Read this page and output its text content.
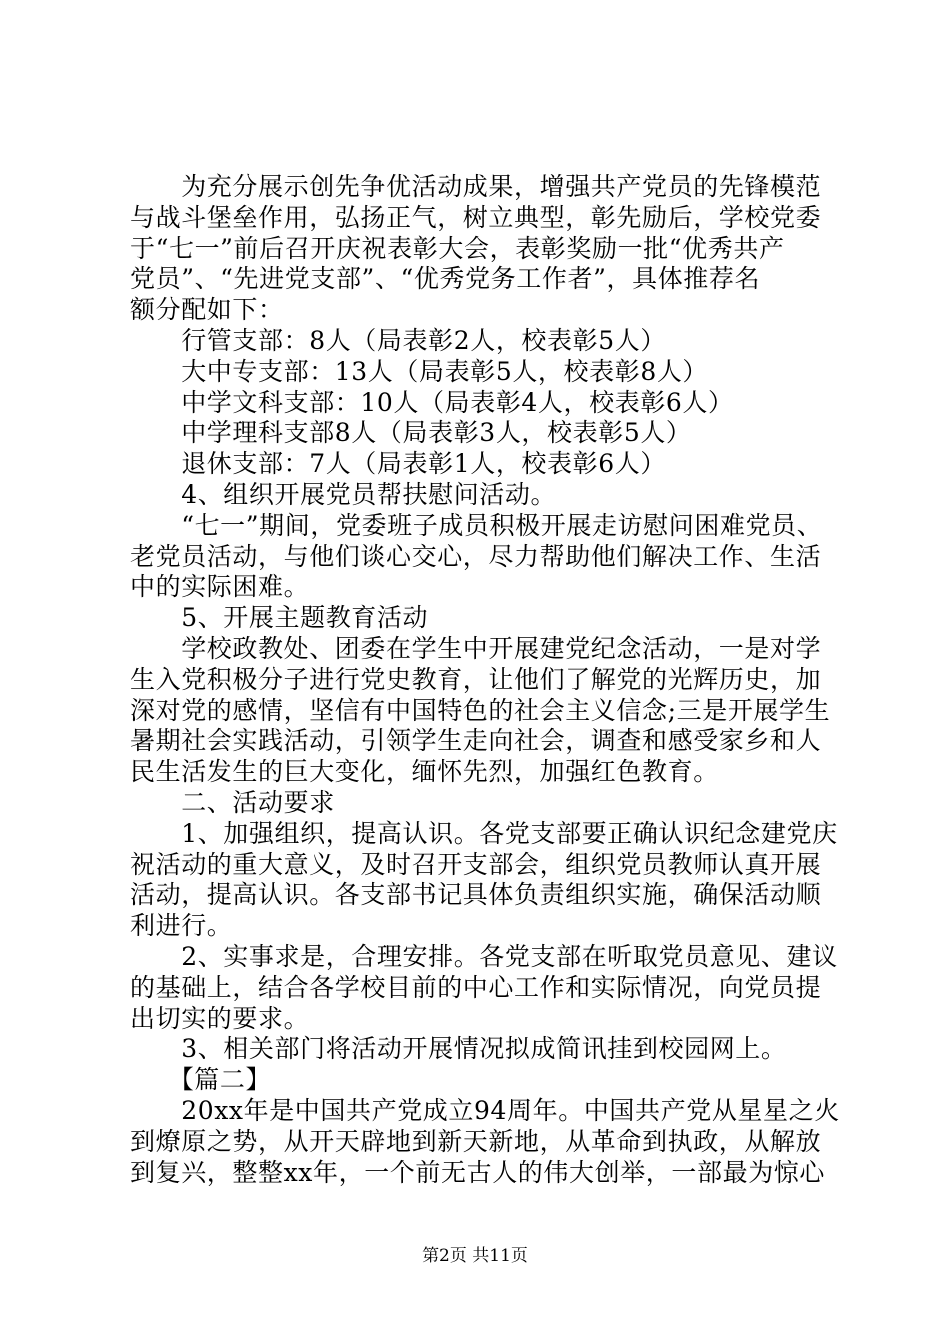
　　为充分展示创先争优活动成果，增强共产党员的先锋模范
与战斗堡垒作用，弘扬正气，树立典型，彰先励后，学校党委
于“七一”前后召开庆祝表彰大会，表彰奖励一批“优秀共产
党员”、“先进党支部”、“优秀党务工作者”，具体推荐名
额分配如下：
　　行管支部：8人（局表彰2人，校表彰5人）
　　大中专支部：13人（局表彰5人，校表彰8人）
　　中学文科支部：10人（局表彰4人，校表彰6人）
　　中学理科支部8人（局表彰3人，校表彰5人）
　　退休支部：7人（局表彰1人，校表彰6人）
　　4、组织开展党员帮扶慰问活动。
　　“七一”期间，党委班子成员积极开展走访慰问困难党员、
老党员活动，与他们谈心交心，尽力帮助他们解决工作、生活
中的实际困难。
　　5、开展主题教育活动
　　学校政教处、团委在学生中开展建党纪念活动，一是对学
生入党积极分子进行党史教育，让他们了解党的光辉历史，加
深对党的感情，坚信有中国特色的社会主义信念;三是开展学生
暑期社会实践活动，引领学生走向社会，调查和感受家乡和人
民生活发生的巨大变化，缅怀先烈，加强红色教育。
　　二、活动要求
　　1、加强组织，提高认识。各党支部要正确认识纪念建党庆
祝活动的重大意义，及时召开支部会，组织党员教师认真开展
活动，提高认识。各支部书记具体负责组织实施，确保活动顺
利进行。
　　2、实事求是，合理安排。各党支部在听取党员意见、建议
的基础上，结合各学校目前的中心工作和实际情况，向党员提
出切实的要求。
　　3、相关部门将活动开展情况拟成简讯挂到校园网上。
　　【篇二】
　　20xx年是中国共产党成立94周年。中国共产党从星星之火
到燎原之势，从开天辟地到新天新地，从革命到执政，从解放
到复兴，整整xx年，一个前无古人的伟大创举，一部最为惊心
第2页 共11页
